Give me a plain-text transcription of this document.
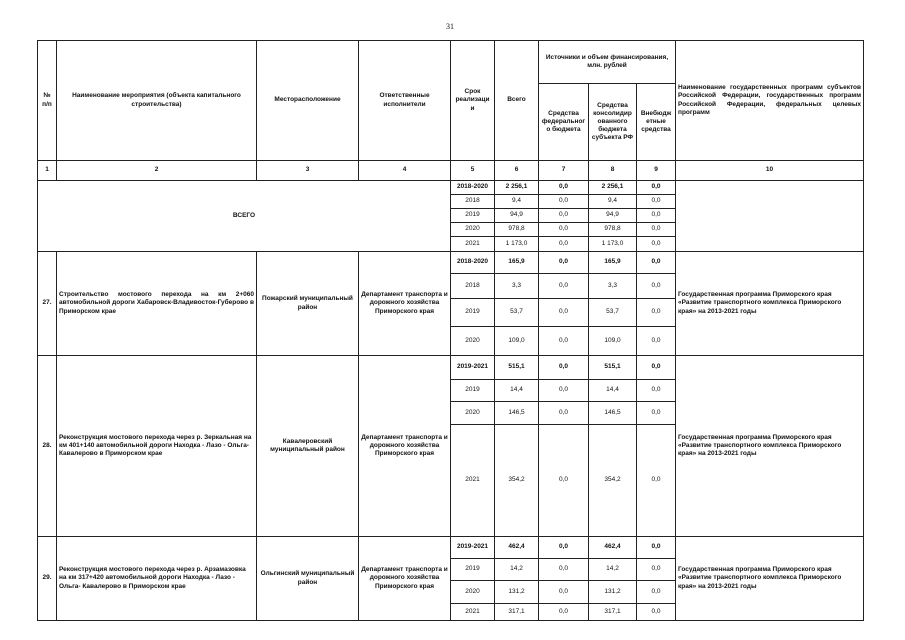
31
№ п/п	Наименование мероприятия (объекта капитального строительства)	Месторасположение	Ответственные исполнители	Срок реализаци и	Всего	Источники и объем финансирования, млн. рублей			Наименование государственных программ субъектов Российской Федерации, государственных программ Российской Федерации, федеральных целевых программ
						Средства федеральног о бюджета	Средства консолидир ованного бюджета субъекта РФ	Внебюдж етные средства	
1	2	3	4	5	6	7	8	9	10
ВСЕГО				2018-2020	2 256,1	0,0	2 256,1	0,0	
				2018	9,4	0,0	9,4	0,0	
				2019	94,9	0,0	94,9	0,0	
				2020	978,8	0,0	978,8	0,0	
				2021	1 173,0	0,0	1 173,0	0,0	
27.	Строительство мостового перехода на км 2+060 автомобильной дороги Хабаровск-Владивосток-Губерово в Приморском крае	Пожарский муниципальный район	Департамент транспорта и дорожного хозяйства Приморского края	2018-2020	165,9	0,0	165,9	0,0	Государственная программа Приморского края «Развитие транспортного комплекса Приморского края» на 2013-2021 годы
				2018	3,3	0,0	3,3	0,0	
				2019	53,7	0,0	53,7	0,0	
				2020	109,0	0,0	109,0	0,0	
28.	Реконструкция мостового перехода через р. Зеркальная на км 401+140 автомобильной дороги Находка - Лазо - Ольга- Кавалерово в Приморском крае	Кавалеровский муниципальный район	Департамент транспорта и дорожного хозяйства Приморского края	2019-2021	515,1	0,0	515,1	0,0	Государственная программа Приморского края «Развитие транспортного комплекса Приморского края» на 2013-2021 годы
				2019	14,4	0,0	14,4	0,0	
				2020	146,5	0,0	146,5	0,0	
				2021	354,2	0,0	354,2	0,0	
29.	Реконструкция мостового перехода через р. Арзамазовка на км 317+420 автомобильной дороги Находка - Лазо - Ольга- Кавалерово в Приморском крае	Ольгинский муниципальный район	Департамент транспорта и дорожного хозяйства Приморского края	2019-2021	462,4	0,0	462,4	0,0	Государственная программа Приморского края «Развитие транспортного комплекса Приморского края» на 2013-2021 годы
				2019	14,2	0,0	14,2	0,0	
				2020	131,2	0,0	131,2	0,0	
				2021	317,1	0,0	317,1	0,0	
